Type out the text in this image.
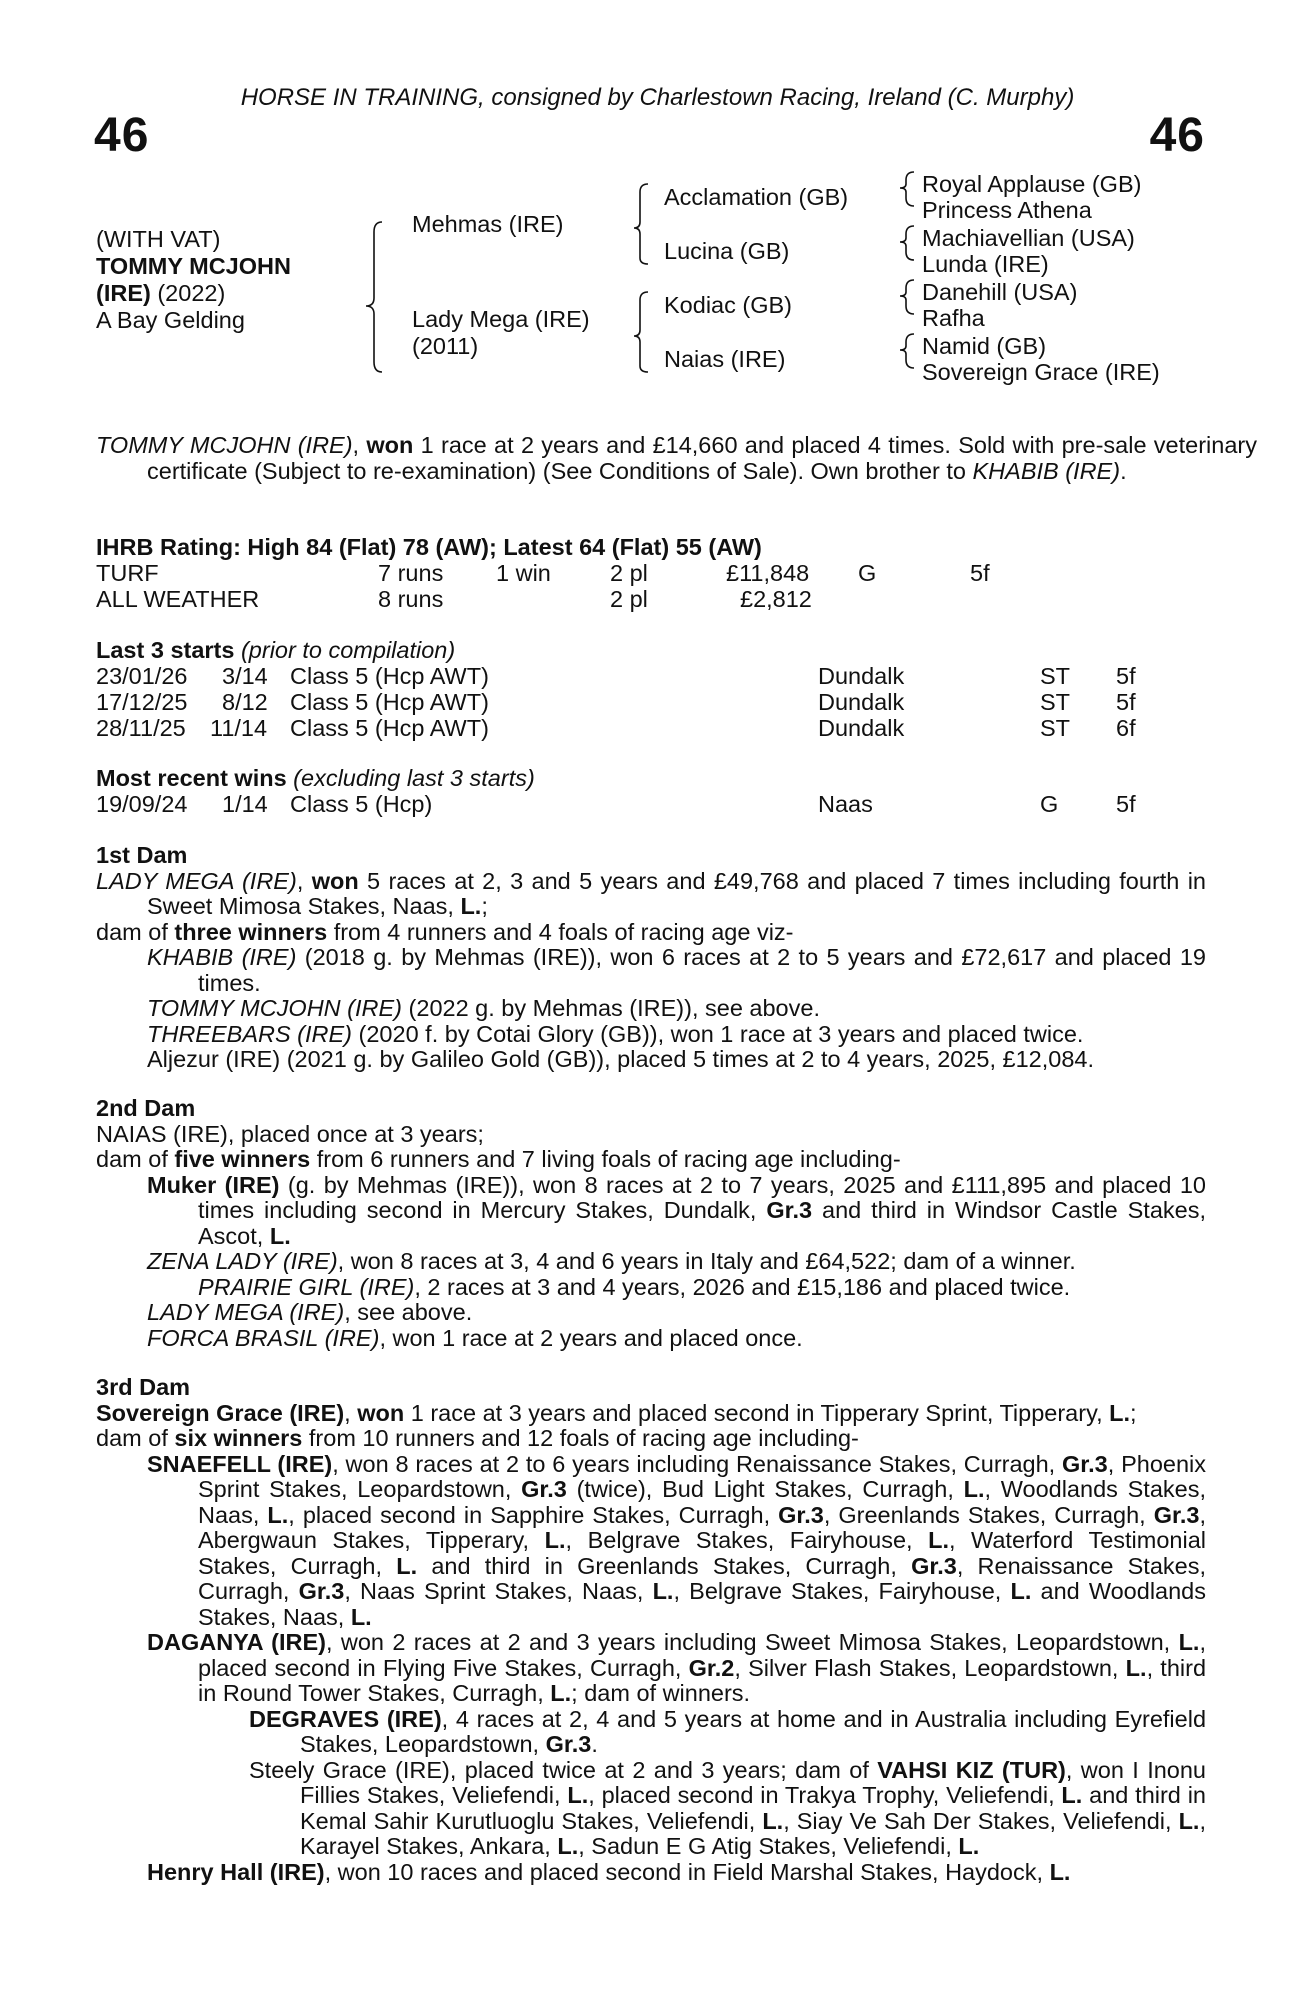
HORSE IN TRAINING, consigned by Charlestown Racing, Ireland (C. Murphy)
46	46
(WITH VAT)
TOMMY MCJOHN
(IRE) (2022)
A Bay Gelding
Mehmas (IRE)
Lady Mega (IRE)
(2011)
Acclamation (GB)
Lucina (GB)
Kodiac (GB)
Naias (IRE)
Royal Applause (GB)
Princess Athena
Machiavellian (USA)
Lunda (IRE)
Danehill (USA)
Rafha
Namid (GB)
Sovereign Grace (IRE)
TOMMY MCJOHN (IRE), won 1 race at 2 years and £14,660 and placed 4 times. Sold with pre-sale veterinary certificate (Subject to re-examination) (See Conditions of Sale). Own brother to KHABIB (IRE).
IHRB Rating: High 84 (Flat) 78 (AW); Latest 64 (Flat) 55 (AW)
TURF	7 runs 1 win	2 pl	£11,848 G	5f
ALL WEATHER	8 runs	2 pl	£2,812
Last 3 starts (prior to compilation)
23/01/26 3/14 Class 5 (Hcp AWT)	Dundalk	ST 5f
17/12/25 8/12 Class 5 (Hcp AWT)	Dundalk	ST 5f
28/11/25 11/14 Class 5 (Hcp AWT)	Dundalk	ST 6f
Most recent wins (excluding last 3 starts)
19/09/24 1/14 Class 5 (Hcp)	Naas	G 5f

1st Dam

LADY MEGA (IRE), won 5 races at 2, 3 and 5 years and £49,768 and placed 7 times including fourth in Sweet Mimosa Stakes, Naas, L.;

dam of three winners from 4 runners and 4 foals of racing age viz-

KHABIB (IRE) (2018 g. by Mehmas (IRE)), won 6 races at 2 to 5 years and £72,617 and placed 19 times.

TOMMY MCJOHN (IRE) (2022 g. by Mehmas (IRE)), see above.

THREEBARS (IRE) (2020 f. by Cotai Glory (GB)), won 1 race at 3 years and placed twice.

Aljezur (IRE) (2021 g. by Galileo Gold (GB)), placed 5 times at 2 to 4 years, 2025, £12,084.

2nd Dam

NAIAS (IRE), placed once at 3 years;

dam of five winners from 6 runners and 7 living foals of racing age including-

Muker (IRE) (g. by Mehmas (IRE)), won 8 races at 2 to 7 years, 2025 and £111,895 and placed 10 times including second in Mercury Stakes, Dundalk, Gr.3 and third in Windsor Castle Stakes, Ascot, L.

ZENA LADY (IRE), won 8 races at 3, 4 and 6 years in Italy and £64,522; dam of a winner.

PRAIRIE GIRL (IRE), 2 races at 3 and 4 years, 2026 and £15,186 and placed twice.

LADY MEGA (IRE), see above.

FORCA BRASIL (IRE), won 1 race at 2 years and placed once.

3rd Dam

Sovereign Grace (IRE), won 1 race at 3 years and placed second in Tipperary Sprint, Tipperary, L.;

dam of six winners from 10 runners and 12 foals of racing age including-

SNAEFELL (IRE), won 8 races at 2 to 6 years including Renaissance Stakes, Curragh, Gr.3, Phoenix Sprint Stakes, Leopardstown, Gr.3 (twice), Bud Light Stakes, Curragh, L., Woodlands Stakes, Naas, L., placed second in Sapphire Stakes, Curragh, Gr.3, Greenlands Stakes, Curragh, Gr.3, Abergwaun Stakes, Tipperary, L., Belgrave Stakes, Fairyhouse, L., Waterford Testimonial Stakes, Curragh, L. and third in Greenlands Stakes, Curragh, Gr.3, Renaissance Stakes, Curragh, Gr.3, Naas Sprint Stakes, Naas, L., Belgrave Stakes, Fairyhouse, L. and Woodlands Stakes, Naas, L.

DAGANYA (IRE), won 2 races at 2 and 3 years including Sweet Mimosa Stakes, Leopardstown, L., placed second in Flying Five Stakes, Curragh, Gr.2, Silver Flash Stakes, Leopardstown, L., third in Round Tower Stakes, Curragh, L.; dam of winners.

DEGRAVES (IRE), 4 races at 2, 4 and 5 years at home and in Australia including Eyrefield Stakes, Leopardstown, Gr.3.

Steely Grace (IRE), placed twice at 2 and 3 years; dam of VAHSI KIZ (TUR), won I Inonu Fillies Stakes, Veliefendi, L., placed second in Trakya Trophy, Veliefendi, L. and third in Kemal Sahir Kurutluoglu Stakes, Veliefendi, L., Siay Ve Sah Der Stakes, Veliefendi, L., Karayel Stakes, Ankara, L., Sadun E G Atig Stakes, Veliefendi, L.

Henry Hall (IRE), won 10 races and placed second in Field Marshal Stakes, Haydock, L.
